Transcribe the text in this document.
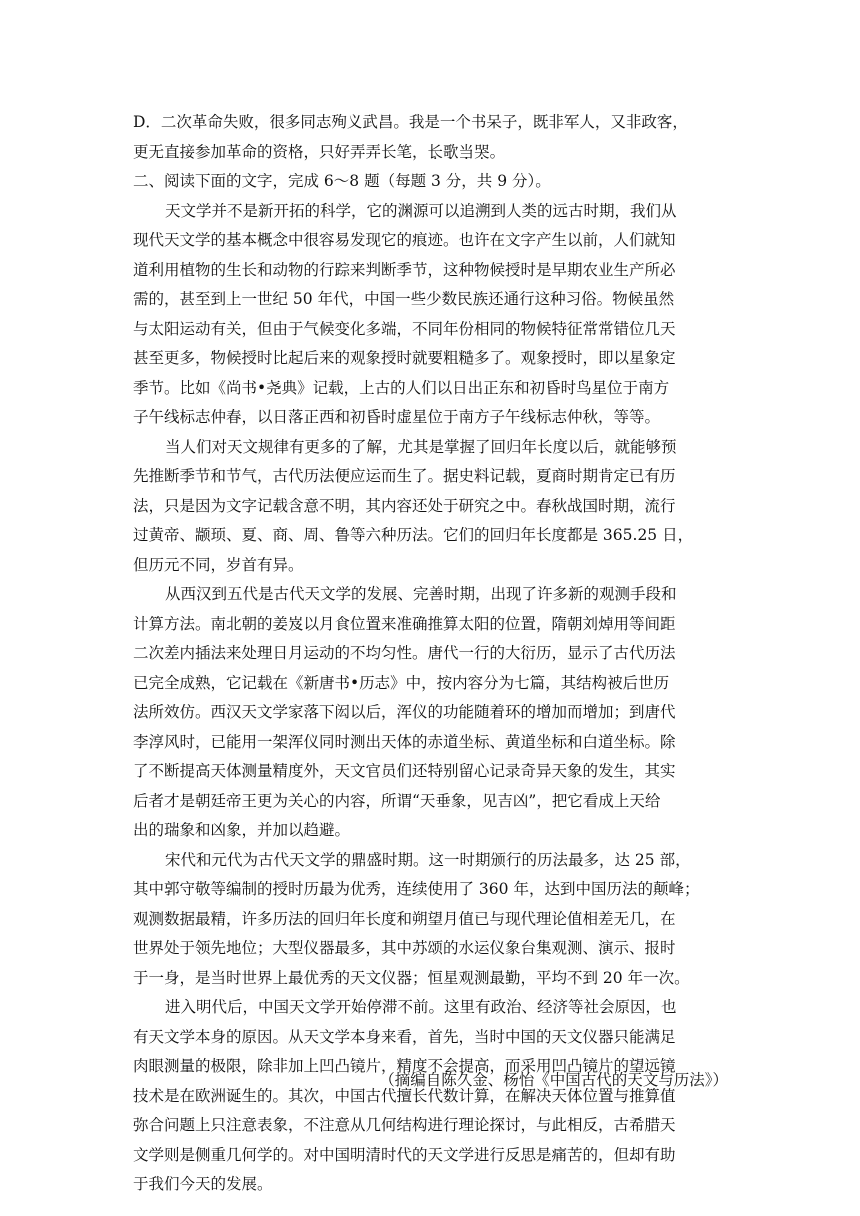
D．二次革命失败，很多同志殉义武昌。我是一个书呆子，既非军人，又非政客，
更无直接参加革命的资格，只好弄弄长笔，长 ·歌 ·当 ·哭 ·。
二、阅读下面的文字，完成 6～8 题（每题 3 分，共 9 分）。
天文学并不是新开拓的科学，它的渊源可以追溯到人类的远古时期，我们从
现代天文学的基本概念中很容易发现它的痕迹。也许在文字产生以前，人们就知
道利用植物的生长和动物的行踪来判断季节，这种物候授时是早期农业生产所必
需的，甚至到上一世纪 50 年代，中国一些少数民族还通行这种习俗。物候虽然
与太阳运动有关，但由于气候变化多端，不同年份相同的物候特征常常错位几天
甚至更多，物候授时比起后来的观象授时就要粗糙多了。观象授时，即以星象定
季节。比如《尚书•尧典》记载，上古的人们以日出正东和初昏时鸟星位于南方
子午线标志仲春，以日落正西和初昏时虚星位于南方子午线标志仲秋，等等。
当人们对天文规律有更多的了解，尤其是掌握了回归年长度以后，就能够预
先推断季节和节气，古代历法便应运而生了。据史料记载，夏商时期肯定已有历
法，只是因为文字记载含意不明，其内容还处于研究之中。春秋战国时期，流行
过黄帝、颛顼、夏、商、周、鲁等六种历法。它们的回归年长度都是 365.25 日，
但历元不同，岁首有异。
从西汉到五代是古代天文学的发展、完善时期，出现了许多新的观测手段和
计算方法。南北朝的姜岌以月食位置来准确推算太阳的位置，隋朝刘焯用等间距
二次差内插法来处理日月运动的不均匀性。唐代一行的大衍历，显示了古代历法
已完全成熟，它记载在《新唐书•历志》中，按内容分为七篇，其结构被后世历
法所效仿。西汉天文学家落下闳以后，浑仪的功能随着环的增加而增加；到唐代
李淳风时，已能用一架浑仪同时测出天体的赤道坐标、黄道坐标和白道坐标。除
了不断提高天体测量精度外，天文官员们还特别留心记录奇异天象的发生，其实
后者才是朝廷帝王更为关心的内容，所谓“天垂象，见吉凶”，把它看成上天给
出的瑞象和凶象，并加以趋避。
宋代和元代为古代天文学的鼎盛时期。这一时期颁行的历法最多，达 25 部，
其中郭守敬等编制的授时历最为优秀，连续使用了 360 年，达到中国历法的颠峰；
观测数据最精，许多历法的回归年长度和朔望月值已与现代理论值相差无几，在
世界处于领先地位；大型仪器最多，其中苏颂的水运仪象台集观测、演示、报时
于一身，是当时世界上最优秀的天文仪器；恒星观测最勤，平均不到 20 年一次。
进入明代后，中国天文学开始停滞不前。这里有政治、经济等社会原因，也
有天文学本身的原因。从天文学本身来看，首先，当时中国的天文仪器只能满足
肉眼测量的极限，除非加上凹凸镜片，精度不会提高，而采用凹凸镜片的望远镜
技术是在欧洲诞生的。其次，中国古代擅长代数计算，在解决天体位置与推算值
弥合问题上只注意表象，不注意从几何结构进行理论探讨，与此相反，古希腊天
文学则是侧重几何学的。对中国明清时代的天文学进行反思是痛苦的，但却有助
于我们今天的发展。
（摘编自陈久金、杨怡《中国古代的天文与历法》）
